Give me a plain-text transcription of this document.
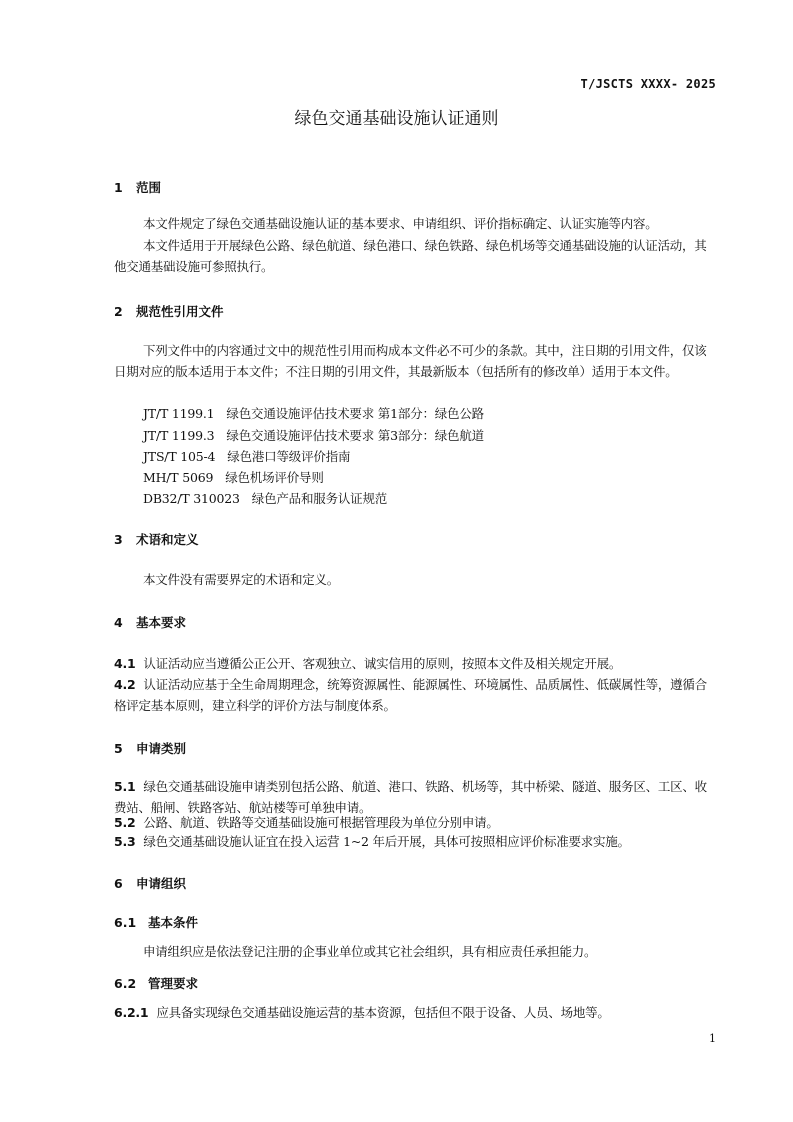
T/JSCTS XXXX- 2025
绿色交通基础设施认证通则
1 范围
本文件规定了绿色交通基础设施认证的基本要求、申请组织、评价指标确定、认证实施等内容。
本文件适用于开展绿色公路、绿色航道、绿色港口、绿色铁路、绿色机场等交通基础设施的认证活动，其他交通基础设施可参照执行。
2 规范性引用文件
下列文件中的内容通过文中的规范性引用而构成本文件必不可少的条款。其中，注日期的引用文件，仅该日期对应的版本适用于本文件；不注日期的引用文件，其最新版本（包括所有的修改单）适用于本文件。
JT/T 1199.1 绿色交通设施评估技术要求 第1部分：绿色公路
JT/T 1199.3 绿色交通设施评估技术要求 第3部分：绿色航道
JTS/T 105-4 绿色港口等级评价指南
MH/T 5069 绿色机场评价导则
DB32/T 310023 绿色产品和服务认证规范
3 术语和定义
本文件没有需要界定的术语和定义。
4 基本要求
4.1 认证活动应当遵循公正公开、客观独立、诚实信用的原则，按照本文件及相关规定开展。
4.2 认证活动应基于全生命周期理念，统筹资源属性、能源属性、环境属性、品质属性、低碳属性等，遵循合格评定基本原则，建立科学的评价方法与制度体系。
5 申请类别
5.1 绿色交通基础设施申请类别包括公路、航道、港口、铁路、机场等，其中桥梁、隧道、服务区、工区、收费站、船闸、铁路客站、航站楼等可单独申请。
5.2 公路、航道、铁路等交通基础设施可根据管理段为单位分别申请。
5.3 绿色交通基础设施认证宜在投入运营 1~2 年后开展，具体可按照相应评价标准要求实施。
6 申请组织
6.1 基本条件
申请组织应是依法登记注册的企事业单位或其它社会组织，具有相应责任承担能力。
6.2 管理要求
6.2.1 应具备实现绿色交通基础设施运营的基本资源，包括但不限于设备、人员、场地等。
1
